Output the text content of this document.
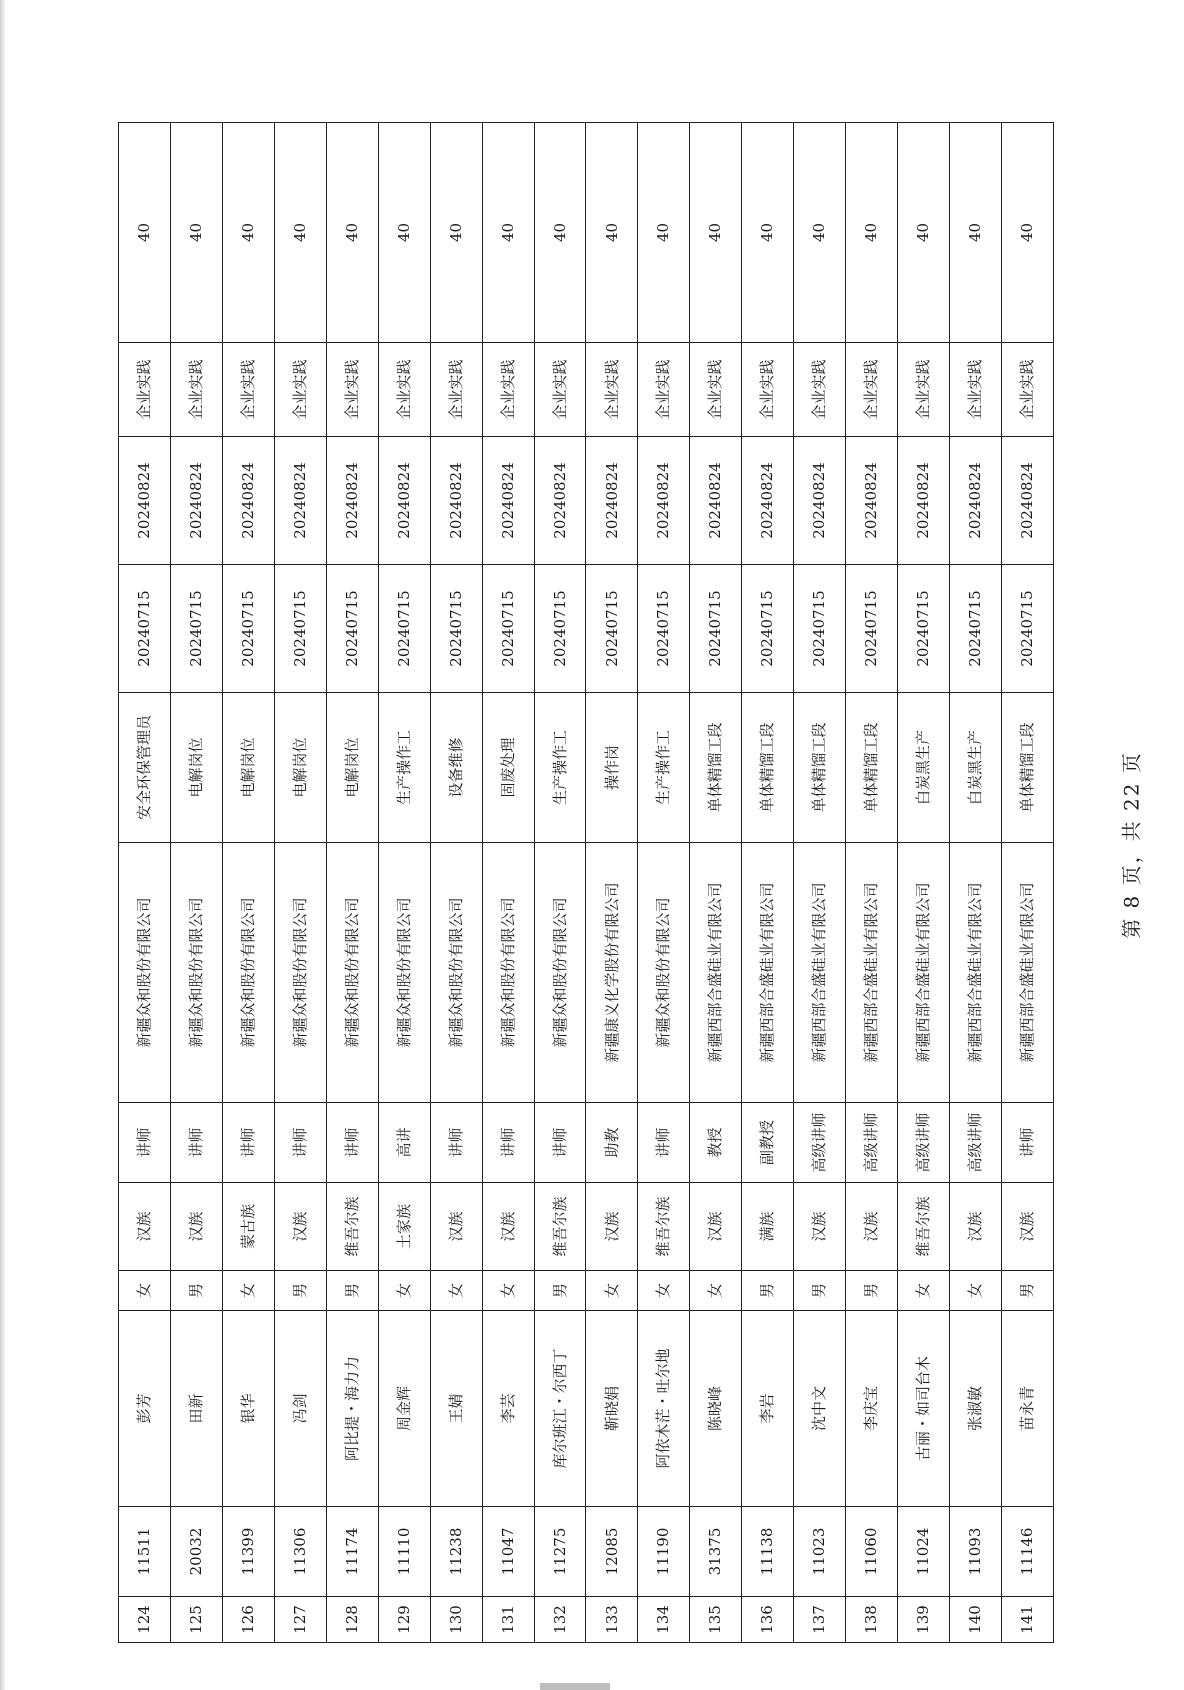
124	11511	彭芳	女	汉族	讲师	新疆众和股份有限公司	安全环保管理员	20240715	20240824	企业实践	40
125	20032	田新	男	汉族	讲师	新疆众和股份有限公司	电解岗位	20240715	20240824	企业实践	40
126	11399	银华	女	蒙古族	讲师	新疆众和股份有限公司	电解岗位	20240715	20240824	企业实践	40
127	11306	冯剑	男	汉族	讲师	新疆众和股份有限公司	电解岗位	20240715	20240824	企业实践	40
128	11174	阿比提・海力力	男	维吾尔族	讲师	新疆众和股份有限公司	电解岗位	20240715	20240824	企业实践	40
129	11110	周金辉	女	土家族	高讲	新疆众和股份有限公司	生产操作工	20240715	20240824	企业实践	40
130	11238	王婧	女	汉族	讲师	新疆众和股份有限公司	设备维修	20240715	20240824	企业实践	40
131	11047	李芸	女	汉族	讲师	新疆众和股份有限公司	固废处理	20240715	20240824	企业实践	40
132	11275	库尔班江・尔西丁	男	维吾尔族	讲师	新疆众和股份有限公司	生产操作工	20240715	20240824	企业实践	40
133	12085	靳晓娟	女	汉族	助教	新疆康义化学股份有限公司	操作岗	20240715	20240824	企业实践	40
134	11190	阿依木茫・吐尔地	女	维吾尔族	讲师	新疆众和股份有限公司	生产操作工	20240715	20240824	企业实践	40
135	31375	陈晓峰	女	汉族	教授	新疆西部合盛硅业有限公司	单体精馏工段	20240715	20240824	企业实践	40
136	11138	李岩	男	满族	副教授	新疆西部合盛硅业有限公司	单体精馏工段	20240715	20240824	企业实践	40
137	11023	沈中文	男	汉族	高级讲师	新疆西部合盛硅业有限公司	单体精馏工段	20240715	20240824	企业实践	40
138	11060	李庆宝	男	汉族	高级讲师	新疆西部合盛硅业有限公司	单体精馏工段	20240715	20240824	企业实践	40
139	11024	古丽・如司台木	女	维吾尔族	高级讲师	新疆西部合盛硅业有限公司	白炭黑生产	20240715	20240824	企业实践	40
140	11093	张淑敏	女	汉族	高级讲师	新疆西部合盛硅业有限公司	白炭黑生产	20240715	20240824	企业实践	40
141	11146	苗永青	男	汉族	讲师	新疆西部合盛硅业有限公司	单体精馏工段	20240715	20240824	企业实践	40
第 8 页，共 22 页
